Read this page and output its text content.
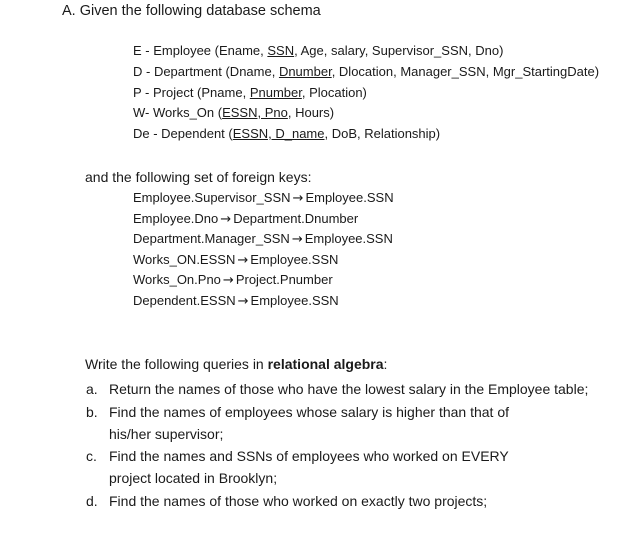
A. Given the following database schema
E - Employee (Ename, SSN, Age, salary, Supervisor_SSN, Dno)
D - Department (Dname, Dnumber, Dlocation, Manager_SSN, Mgr_StartingDate)
P - Project (Pname, Pnumber, Plocation)
W- Works_On (ESSN, Pno, Hours)
De - Dependent (ESSN, D_name, DoB, Relationship)
and the following set of foreign keys:
Employee.Supervisor_SSN → Employee.SSN
Employee.Dno → Department.Dnumber
Department.Manager_SSN → Employee.SSN
Works_ON.ESSN → Employee.SSN
Works_On.Pno → Project.Pnumber
Dependent.ESSN → Employee.SSN
Write the following queries in relational algebra:
a. Return the names of those who have the lowest salary in the Employee table;
b. Find the names of employees whose salary is higher than that of
his/her supervisor;
c. Find the names and SSNs of employees who worked on EVERY
project located in Brooklyn;
d. Find the names of those who worked on exactly two projects;
